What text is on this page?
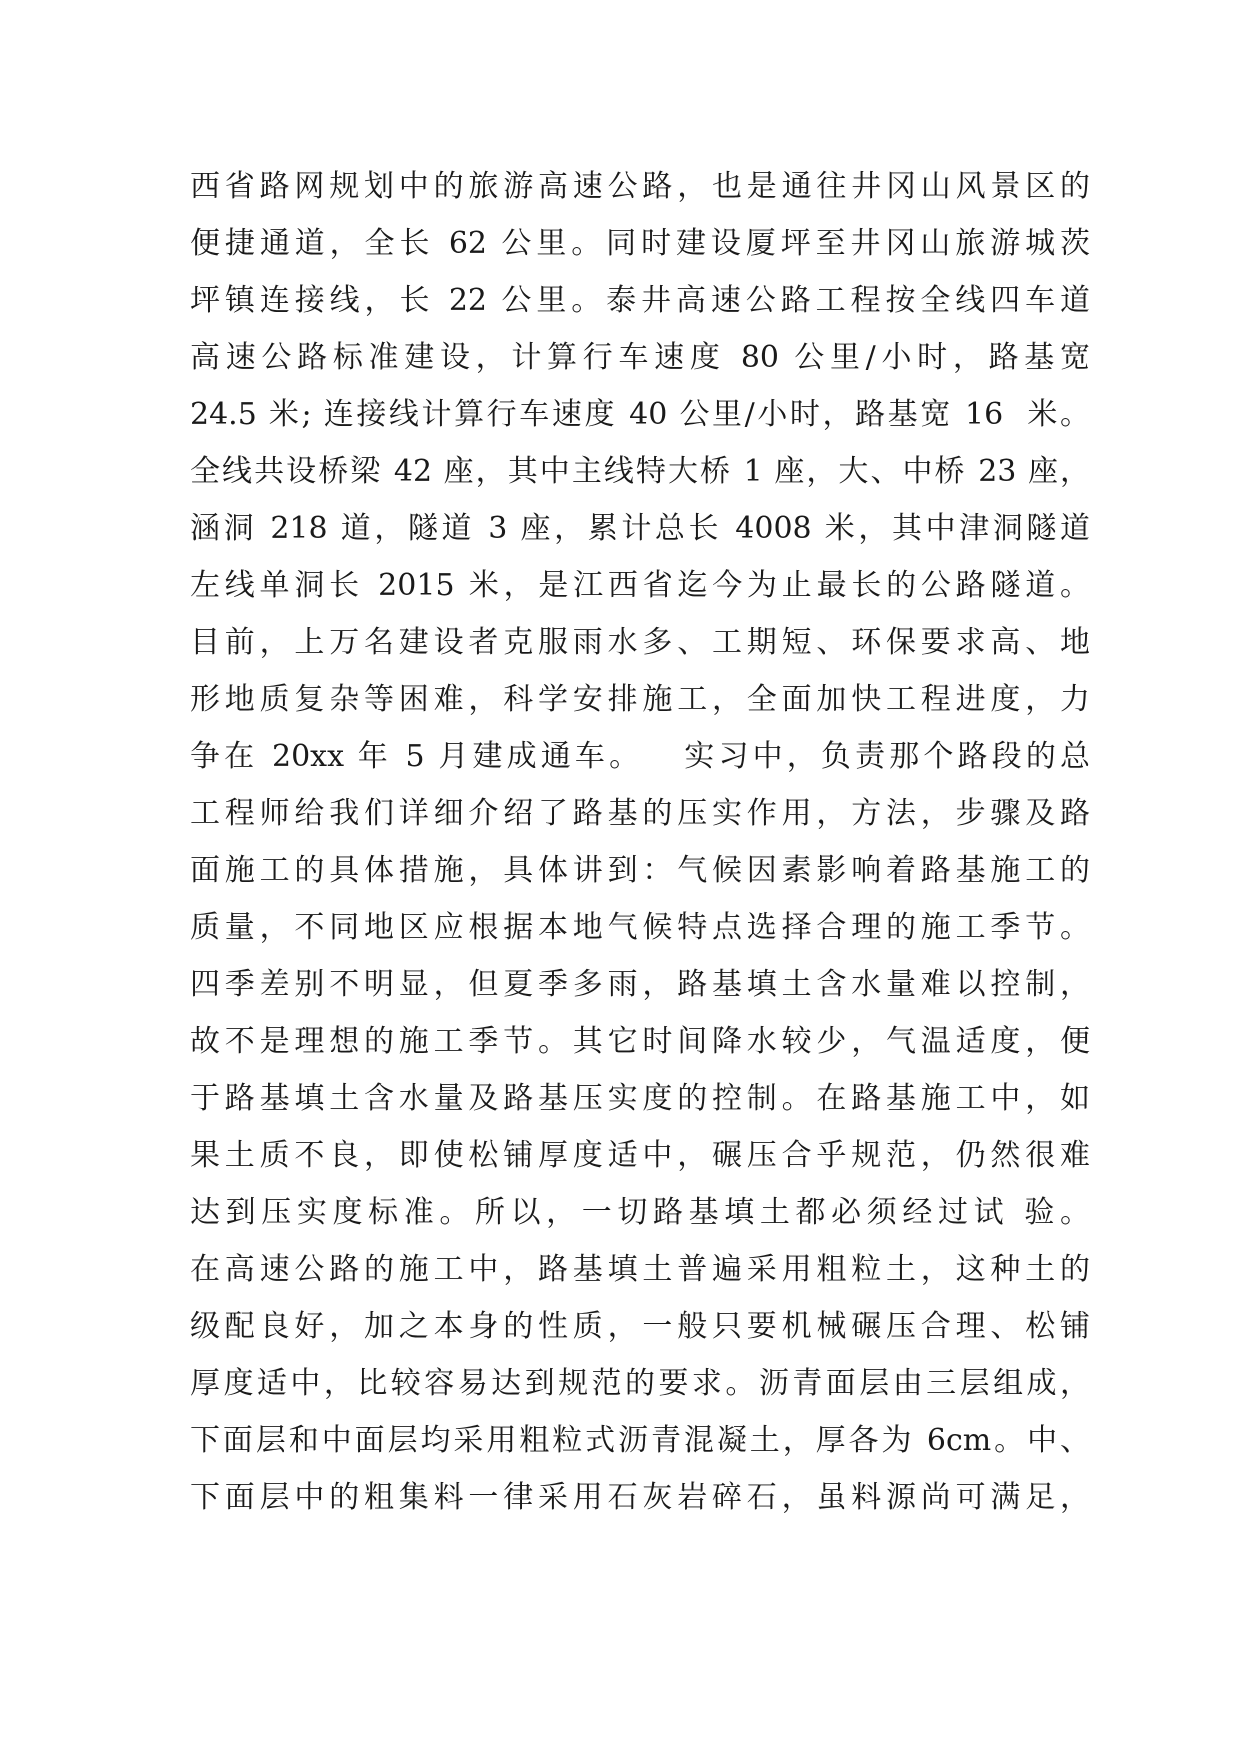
西省路网规划中的旅游高速公路，也是通往井冈山风景区的
便捷通道，全长 62 公里。同时建设厦坪至井冈山旅游城茨
坪镇连接线，长 22 公里。泰井高速公路工程按全线四车道
高速公路标准建设，计算行车速度 80 公里/小时，路基宽
24.5 米; 连接线计算行车速度 40 公里/小时，路基宽 16  米。
全线共设桥梁 42 座，其中主线特大桥 1 座，大、中桥 23 座，
涵洞 218 道，隧道 3 座，累计总长 4008 米，其中津洞隧道
左线单洞长 2015 米，是江西省迄今为止最长的公路隧道。
目前，上万名建设者克服雨水多、工期短、环保要求高、地
形地质复杂等困难，科学安排施工，全面加快工程进度，力
争在 20xx 年 5 月建成通车。   实习中，负责那个路段的总
工程师给我们详细介绍了路基的压实作用，方法，步骤及路
面施工的具体措施，具体讲到：气候因素影响着路基施工的
质量，不同地区应根据本地气候特点选择合理的施工季节。
四季差别不明显，但夏季多雨，路基填土含水量难以控制，
故不是理想的施工季节。其它时间降水较少，气温适度，便
于路基填土含水量及路基压实度的控制。在路基施工中，如
果土质不良，即使松铺厚度适中，碾压合乎规范，仍然很难
达到压实度标准。所以，一切路基填土都必须经过试 验。
在高速公路的施工中，路基填土普遍采用粗粒土，这种土的
级配良好，加之本身的性质，一般只要机械碾压合理、松铺
厚度适中，比较容易达到规范的要求。沥青面层由三层组成，
下面层和中面层均采用粗粒式沥青混凝土，厚各为 6cm。中、
下面层中的粗集料一律采用石灰岩碎石，虽料源尚可满足，
